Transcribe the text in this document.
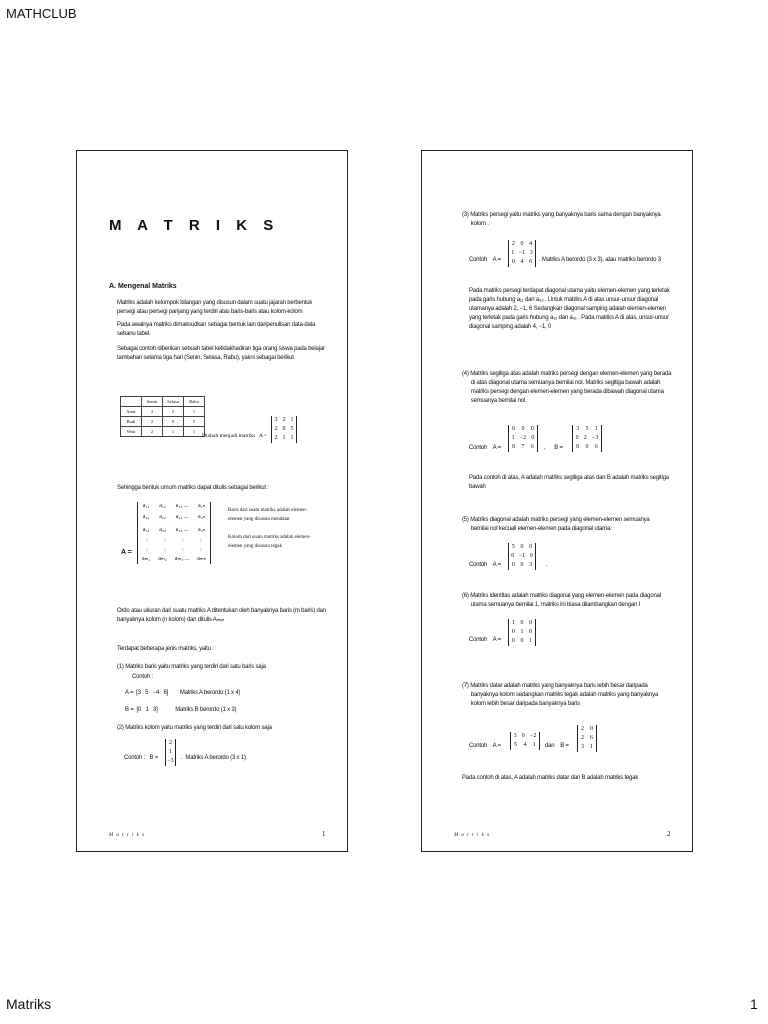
MATHCLUB
M A T R I K S
A. Mengenal Matriks
Matriks adalah kelompok bilangan yang disusun dalam suatu jajaran berbentuk
persegi atau persegi panjang yang terdiri atas baris-baris atau kolom-kolom
Pada awalnya matriks dimaksudkan sebagai bentuk lain daripenulisan data-data
sebanu tabel.
Sebagai contoh diberikan sebuah tabel ketidakhadiran tiga orang siswa pada belajar
tambahan selama tiga hari (Senin, Selasa, Rabu), yakni sebagai berikut
	Senin	Selasa	Rabu
Amir	3	2	1
Budi	2	0	5
Wati	2	1	1
Diubah menjadi matriks   A =
3 2 1
2 0 5
2 1 1
Sehingga bentuk umum matriks dapat ditulis sebagai berikut :
A =
a₁₁ a₁₂ a₁₃ ... a₁ₙ
a₂₁ a₂₂ a₂₃ ... a₂ₙ
a₃₁ a₃₂ a₃₃ ... a₃ₙ
:	:	:	:
:	:	:	:
aₘ₁ aₘ₂ aₘ₃ ... aₘₙ
Baris dari suatu matriks adalah elemen-
elemen yang disusun mendatar
Kolom dari suatu matriks adalah elemen-
elemen yang disusun tegak
Ordo atau ukuran dari suatu matriks A ditentukan oleh banyaknya baris (m baris) dan
banyaknya kolom (n kolom) dan ditulis Aₘₓₙ
Terdapat beberapa jenis matriks, yaitu :
(1) Matriks baris yaitu matriks yang terdiri dari satu baris saja
Contoh :
A =  [3   5   −4   6]        Matriks A berordo (1 x 4)
B =  [0   1   3]            Matriks B berordo (1 x 3)
(2) Matriks kolom yaitu matriks yang terdiri dari satu kolom saja
Contoh :   B =
2
1
−3 .  Matriks A berordo (3 x 1)
M a t r i k s	1
(3) Matriks persegi yaitu matriks yang banyaknya baris sama dengan banyaknya
kolom .
Contoh    A =
2 0 4
1 −1 3
0 4 6 . Matriks A berordo (3 x 3), atau matriks berordo 3
Pada matriks persegi terdapat diagonal utama yaitu elemen-elemen yang terletak
pada garis hubung a₁₁ dan a₃₃ . Untuk matriks A di atas unsur-unsur diagonal
utamanya adalah 2, −1, 6 Sedangkan diagonal samping adalah elemen-elemen
yang terletak pada garis hubung a₁₃ dan a₃₁ . Pada matriks A di atas, unsur-unsur
diagonal samping adalah 4, −1, 0
(4) Matriks segitiga atas adalah matriks persegi dengan elemen-elemen yang berada
di atas diagonal utama semuanya bernilai nol. Matriks segitiga bawah adalah
matriks persegi dengan elemen-elemen yang berada dibawah diagonal utama
semuanya bernilai nol.
Contoh    A =
6 0 0
1 −2 0
0 7 6 ,      B =
3 5 1
0 2 −3
0 0 6
Pada contoh di atas, A adalah matriks segitiga atas dan B adalah matriks segitiga
bawah
(5) Matriks diagonal adalah matriks persegi yang elemen-elemen semuanya
bernilai nol kecuali elemen-elemen pada diagonal utama.
Contoh    A =
5 0 0
0 −1 0
0 0 3 .
(6) Matriks identitas adalah matriks diagonal yang elemen-elemen pada diagonal
utama semuanya bernilai 1, matriks ini biasa dilambangkan dengan I
Contoh    A =
1 0 0
0 1 0
0 0 1
(7) Matriks datar adalah matriks yang banyaknya baris lebih besar daripada
banyaknya kolom sedangkan matriks tegak adalah matriks yang banyaknya
kolom lebih besar daripada banyaknya baris
Contoh    A =
3 0 −2
5 4 1 dan    B =
2 0
2 6
3 1
Pada contoh di atas, A adalah matriks datar dan B adalah matriks tegak
M a t r i k s	2
Matriks	1
